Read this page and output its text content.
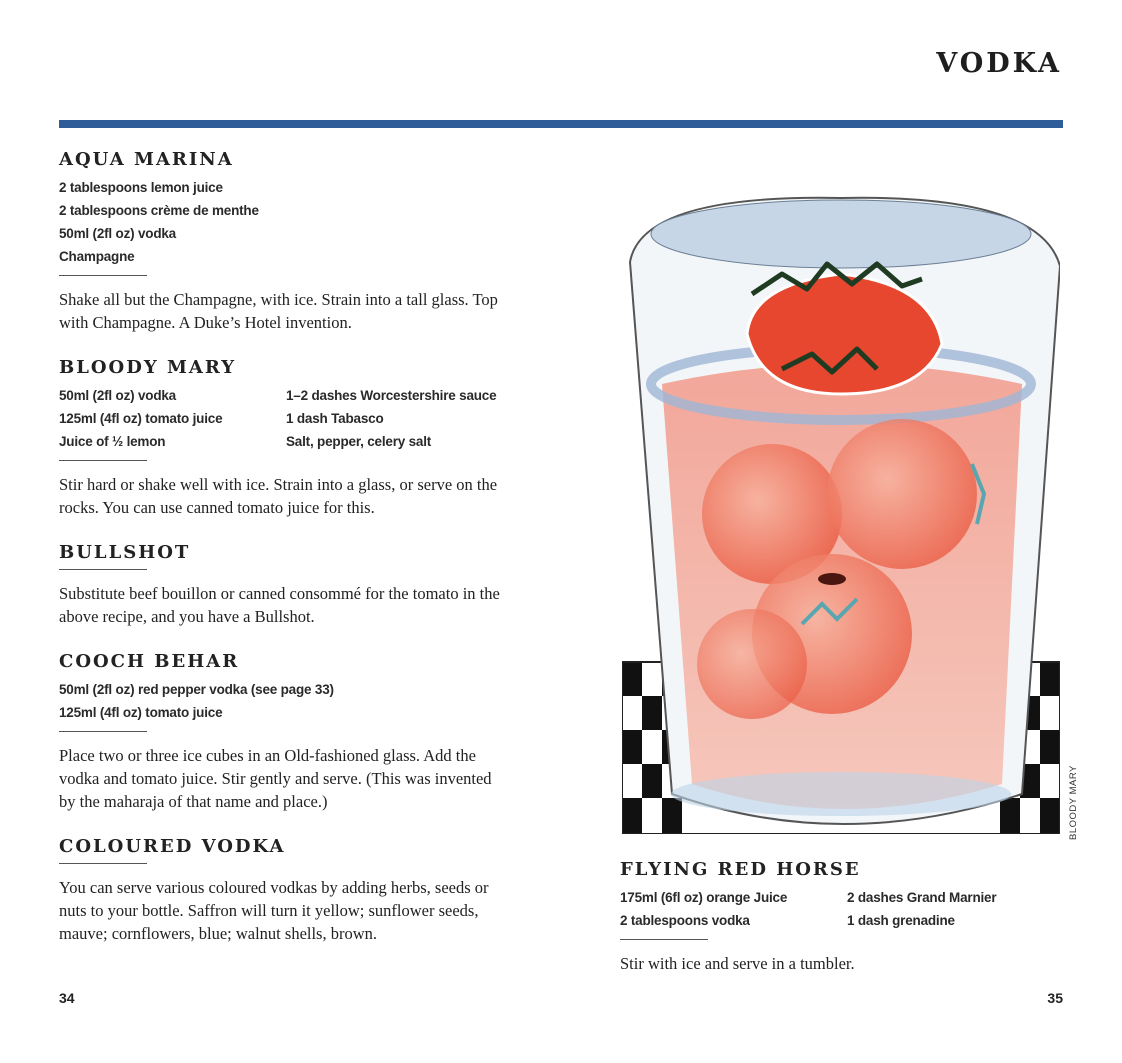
VODKA
AQUA MARINA
2 tablespoons lemon juice
2 tablespoons crème de menthe
50ml (2fl oz) vodka
Champagne
Shake all but the Champagne, with ice. Strain into a tall glass. Top with Champagne. A Duke’s Hotel invention.
BLOODY MARY
50ml (2fl oz) vodka
125ml (4fl oz) tomato juice
Juice of ½ lemon
1–2 dashes Worcestershire sauce
1 dash Tabasco
Salt, pepper, celery salt
Stir hard or shake well with ice. Strain into a glass, or serve on the rocks. You can use canned tomato juice for this.
BULLSHOT
Substitute beef bouillon or canned consommé for the tomato in the above recipe, and you have a Bullshot.
COOCH BEHAR
50ml (2fl oz) red pepper vodka (see page 33)
125ml (4fl oz) tomato juice
Place two or three ice cubes in an Old-fashioned glass. Add the vodka and tomato juice. Stir gently and serve. (This was invented by the maharaja of that name and place.)
COLOURED VODKA
You can serve various coloured vodkas by adding herbs, seeds or nuts to your bottle. Saffron will turn it yellow; sunflower seeds, mauve; cornflowers, blue; walnut shells, brown.
34
BLOODY MARY
FLYING RED HORSE
175ml (6fl oz) orange Juice
2 tablespoons vodka
2 dashes Grand Marnier
1 dash grenadine
Stir with ice and serve in a tumbler.
35
